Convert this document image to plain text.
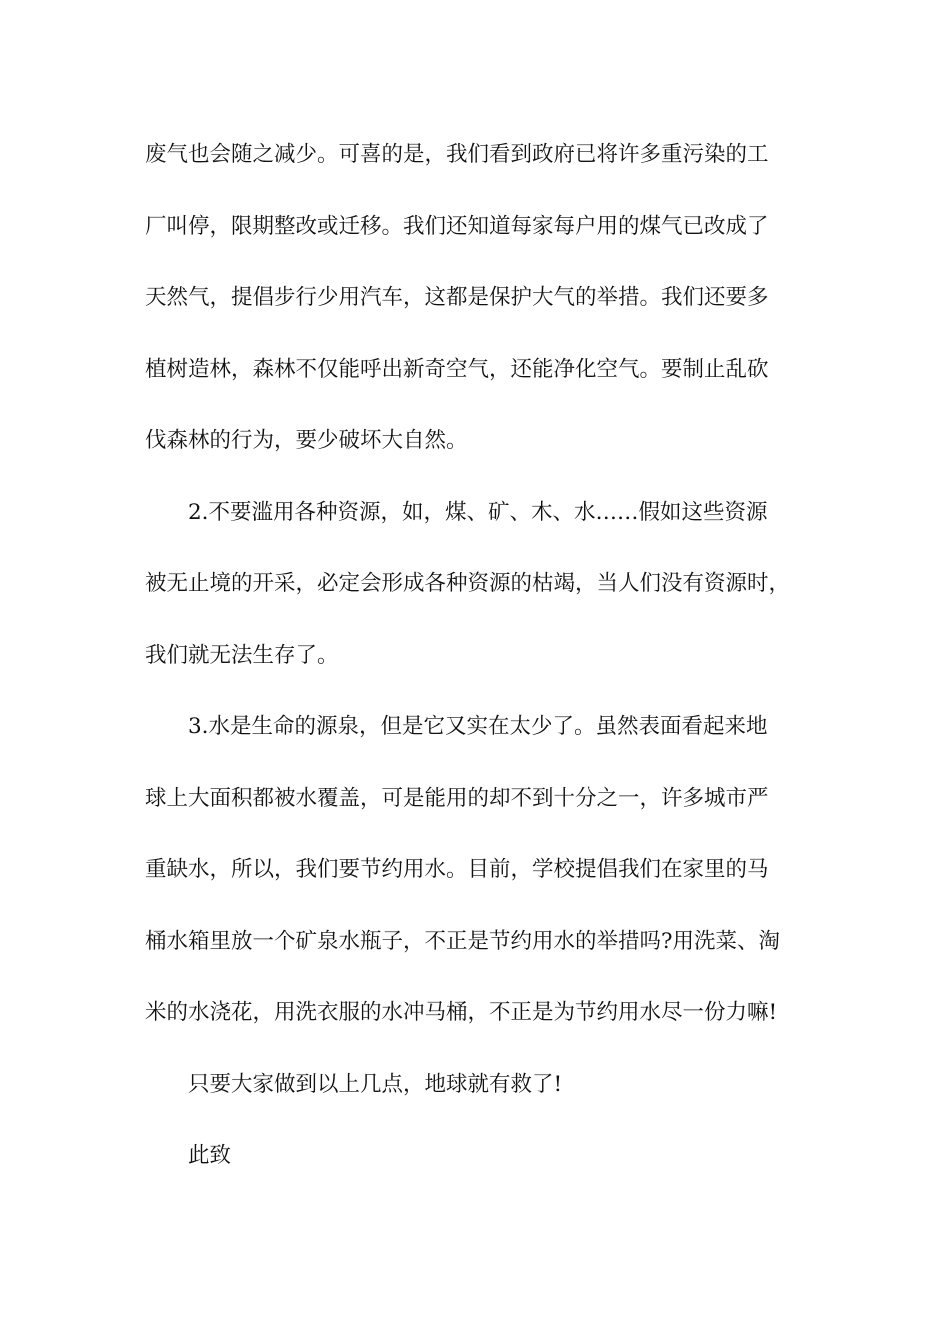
废气也会随之减少。可喜的是，我们看到政府已将许多重污染的工
厂叫停，限期整改或迁移。我们还知道每家每户用的煤气已改成了
天然气，提倡步行少用汽车，这都是保护大气的举措。我们还要多
植树造林，森林不仅能呼出新奇空气，还能净化空气。要制止乱砍
伐森林的行为，要少破坏大自然。
2.不要滥用各种资源，如，煤、矿、木、水……假如这些资源
被无止境的开采，必定会形成各种资源的枯竭，当人们没有资源时，
我们就无法生存了。
3.水是生命的源泉，但是它又实在太少了。虽然表面看起来地
球上大面积都被水覆盖，可是能用的却不到十分之一，许多城市严
重缺水，所以，我们要节约用水。目前，学校提倡我们在家里的马
桶水箱里放一个矿泉水瓶子，不正是节约用水的举措吗?用洗菜、淘
米的水浇花，用洗衣服的水冲马桶，不正是为节约用水尽一份力嘛!
只要大家做到以上几点，地球就有救了!
此致
